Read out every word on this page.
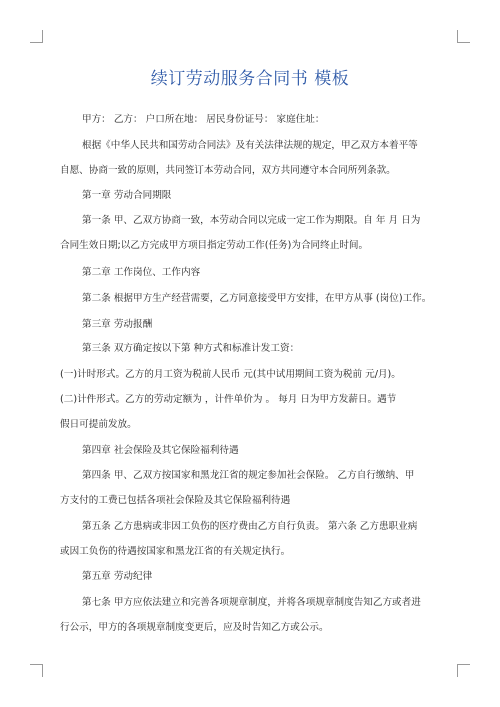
续订劳动服务合同书 模板
甲方： 乙方： 户口所在地： 居民身份证号： 家庭住址：
根据《中华人民共和国劳动合同法》及有关法律法规的规定，甲乙双方本着平等
自愿、协商一致的原则，共同签订本劳动合同，双方共同遵守本合同所列条款。
第一章 劳动合同期限
第一条 甲、乙双方协商一致，本劳动合同以完成一定工作为期限。自 年 月 日为
合同生效日期;以乙方完成甲方项目指定劳动工作(任务)为合同终止时间。
第二章 工作岗位、工作内容
第二条 根据甲方生产经营需要，乙方同意接受甲方安排，在甲方从事 (岗位)工作。
第三章 劳动报酬
第三条 双方确定按以下第 种方式和标准计发工资：
(一)计时形式。乙方的月工资为税前人民币 元(其中试用期间工资为税前 元/月)。
(二)计件形式。乙方的劳动定额为 ，计件单价为 。 每月 日为甲方发薪日。遇节
假日可提前发放。
第四章 社会保险及其它保险福利待遇
第四条 甲、乙双方按国家和黑龙江省的规定参加社会保险。 乙方自行缴纳、甲
方支付的工费已包括各项社会保险及其它保险福利待遇
第五条 乙方患病或非因工负伤的医疗费由乙方自行负责。 第六条 乙方患职业病
或因工负伤的待遇按国家和黑龙江省的有关规定执行。
第五章 劳动纪律
第七条 甲方应依法建立和完善各项规章制度，并将各项规章制度告知乙方或者进
行公示，甲方的各项规章制度变更后，应及时告知乙方或公示。
